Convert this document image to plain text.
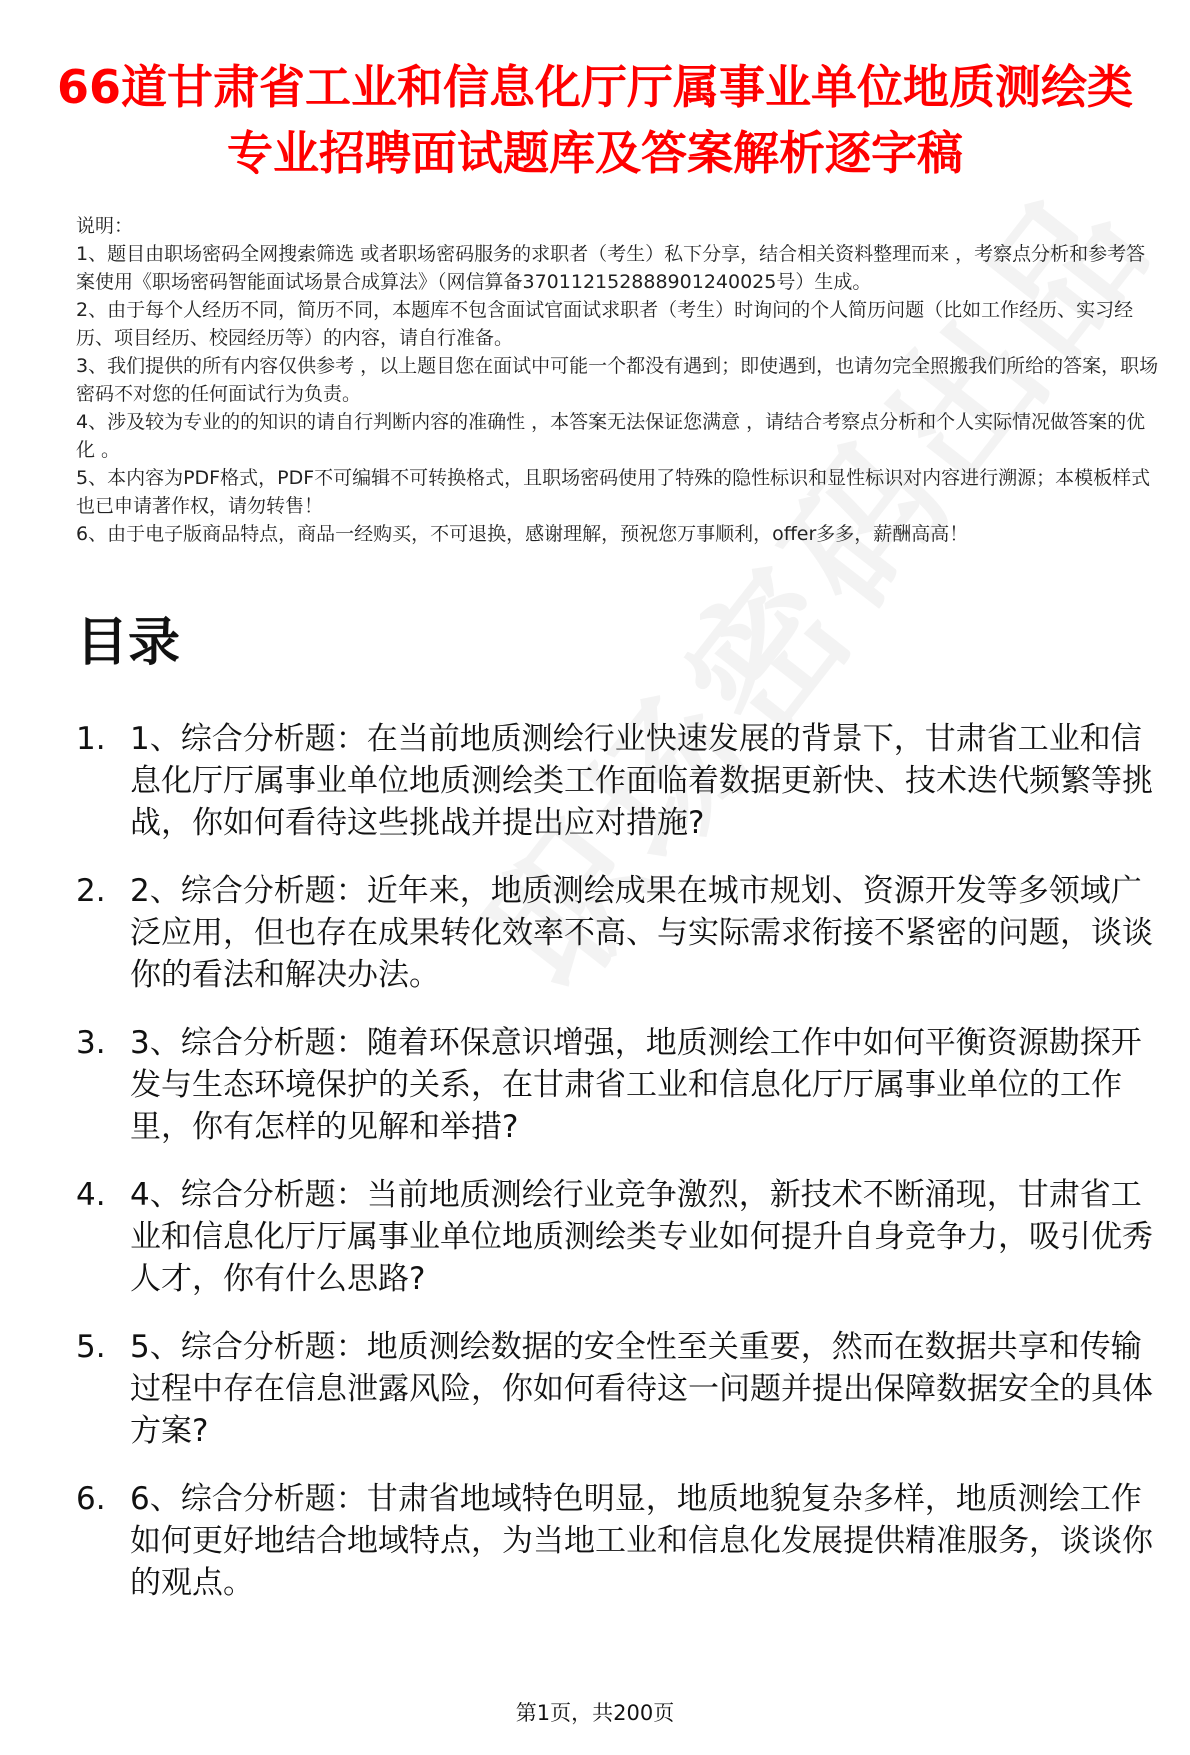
66道甘肃省工业和信息化厅厅属事业单位地质测绘类专业招聘面试题库及答案解析逐字稿

说明：

1、题目由职场密码全网搜索筛选 或者职场密码服务的求职者（考生）私下分享，结合相关资料整理而来 ，考察点分析和参考答案使用《职场密码智能面试场景合成算法》（网信算备370112152888901240025号）生成。

2、由于每个人经历不同，简历不同，本题库不包含面试官面试求职者（考生）时询问的个人简历问题（比如工作经历、实习经历、项目经历、校园经历等）的内容，请自行准备。

3、我们提供的所有内容仅供参考 ，以上题目您在面试中可能一个都没有遇到；即使遇到，也请勿完全照搬我们所给的答案，职场密码不对您的任何面试行为负责。

4、涉及较为专业的的知识的请自行判断内容的准确性 ，本答案无法保证您满意 ，请结合考察点分析和个人实际情况做答案的优化 。

5、本内容为PDF格式，PDF不可编辑不可转换格式，且职场密码使用了特殊的隐性标识和显性标识对内容进行溯源；本模板样式也已申请著作权，请勿转售！

6、由于电子版商品特点，商品一经购买，不可退换，感谢理解，预祝您万事顺利，offer多多，薪酬高高！

目录
1. 1、综合分析题：在当前地质测绘行业快速发展的背景下，甘肃省工业和信息化厅厅属事业单位地质测绘类工作面临着数据更新快、技术迭代频繁等挑战，你如何看待这些挑战并提出应对措施?
2. 2、综合分析题：近年来，地质测绘成果在城市规划、资源开发等多领域广泛应用，但也存在成果转化效率不高、与实际需求衔接不紧密的问题，谈谈你的看法和解决办法。
3. 3、综合分析题：随着环保意识增强，地质测绘工作中如何平衡资源勘探开发与生态环境保护的关系，在甘肃省工业和信息化厅厅属事业单位的工作里，你有怎样的见解和举措?
4. 4、综合分析题：当前地质测绘行业竞争激烈，新技术不断涌现，甘肃省工业和信息化厅厅属事业单位地质测绘类专业如何提升自身竞争力，吸引优秀人才，你有什么思路?
5. 5、综合分析题：地质测绘数据的安全性至关重要，然而在数据共享和传输过程中存在信息泄露风险，你如何看待这一问题并提出保障数据安全的具体方案?
6. 6、综合分析题：甘肃省地域特色明显，地质地貌复杂多样，地质测绘工作如何更好地结合地域特点，为当地工业和信息化发展提供精准服务，谈谈你的观点。
第1页，共200页
